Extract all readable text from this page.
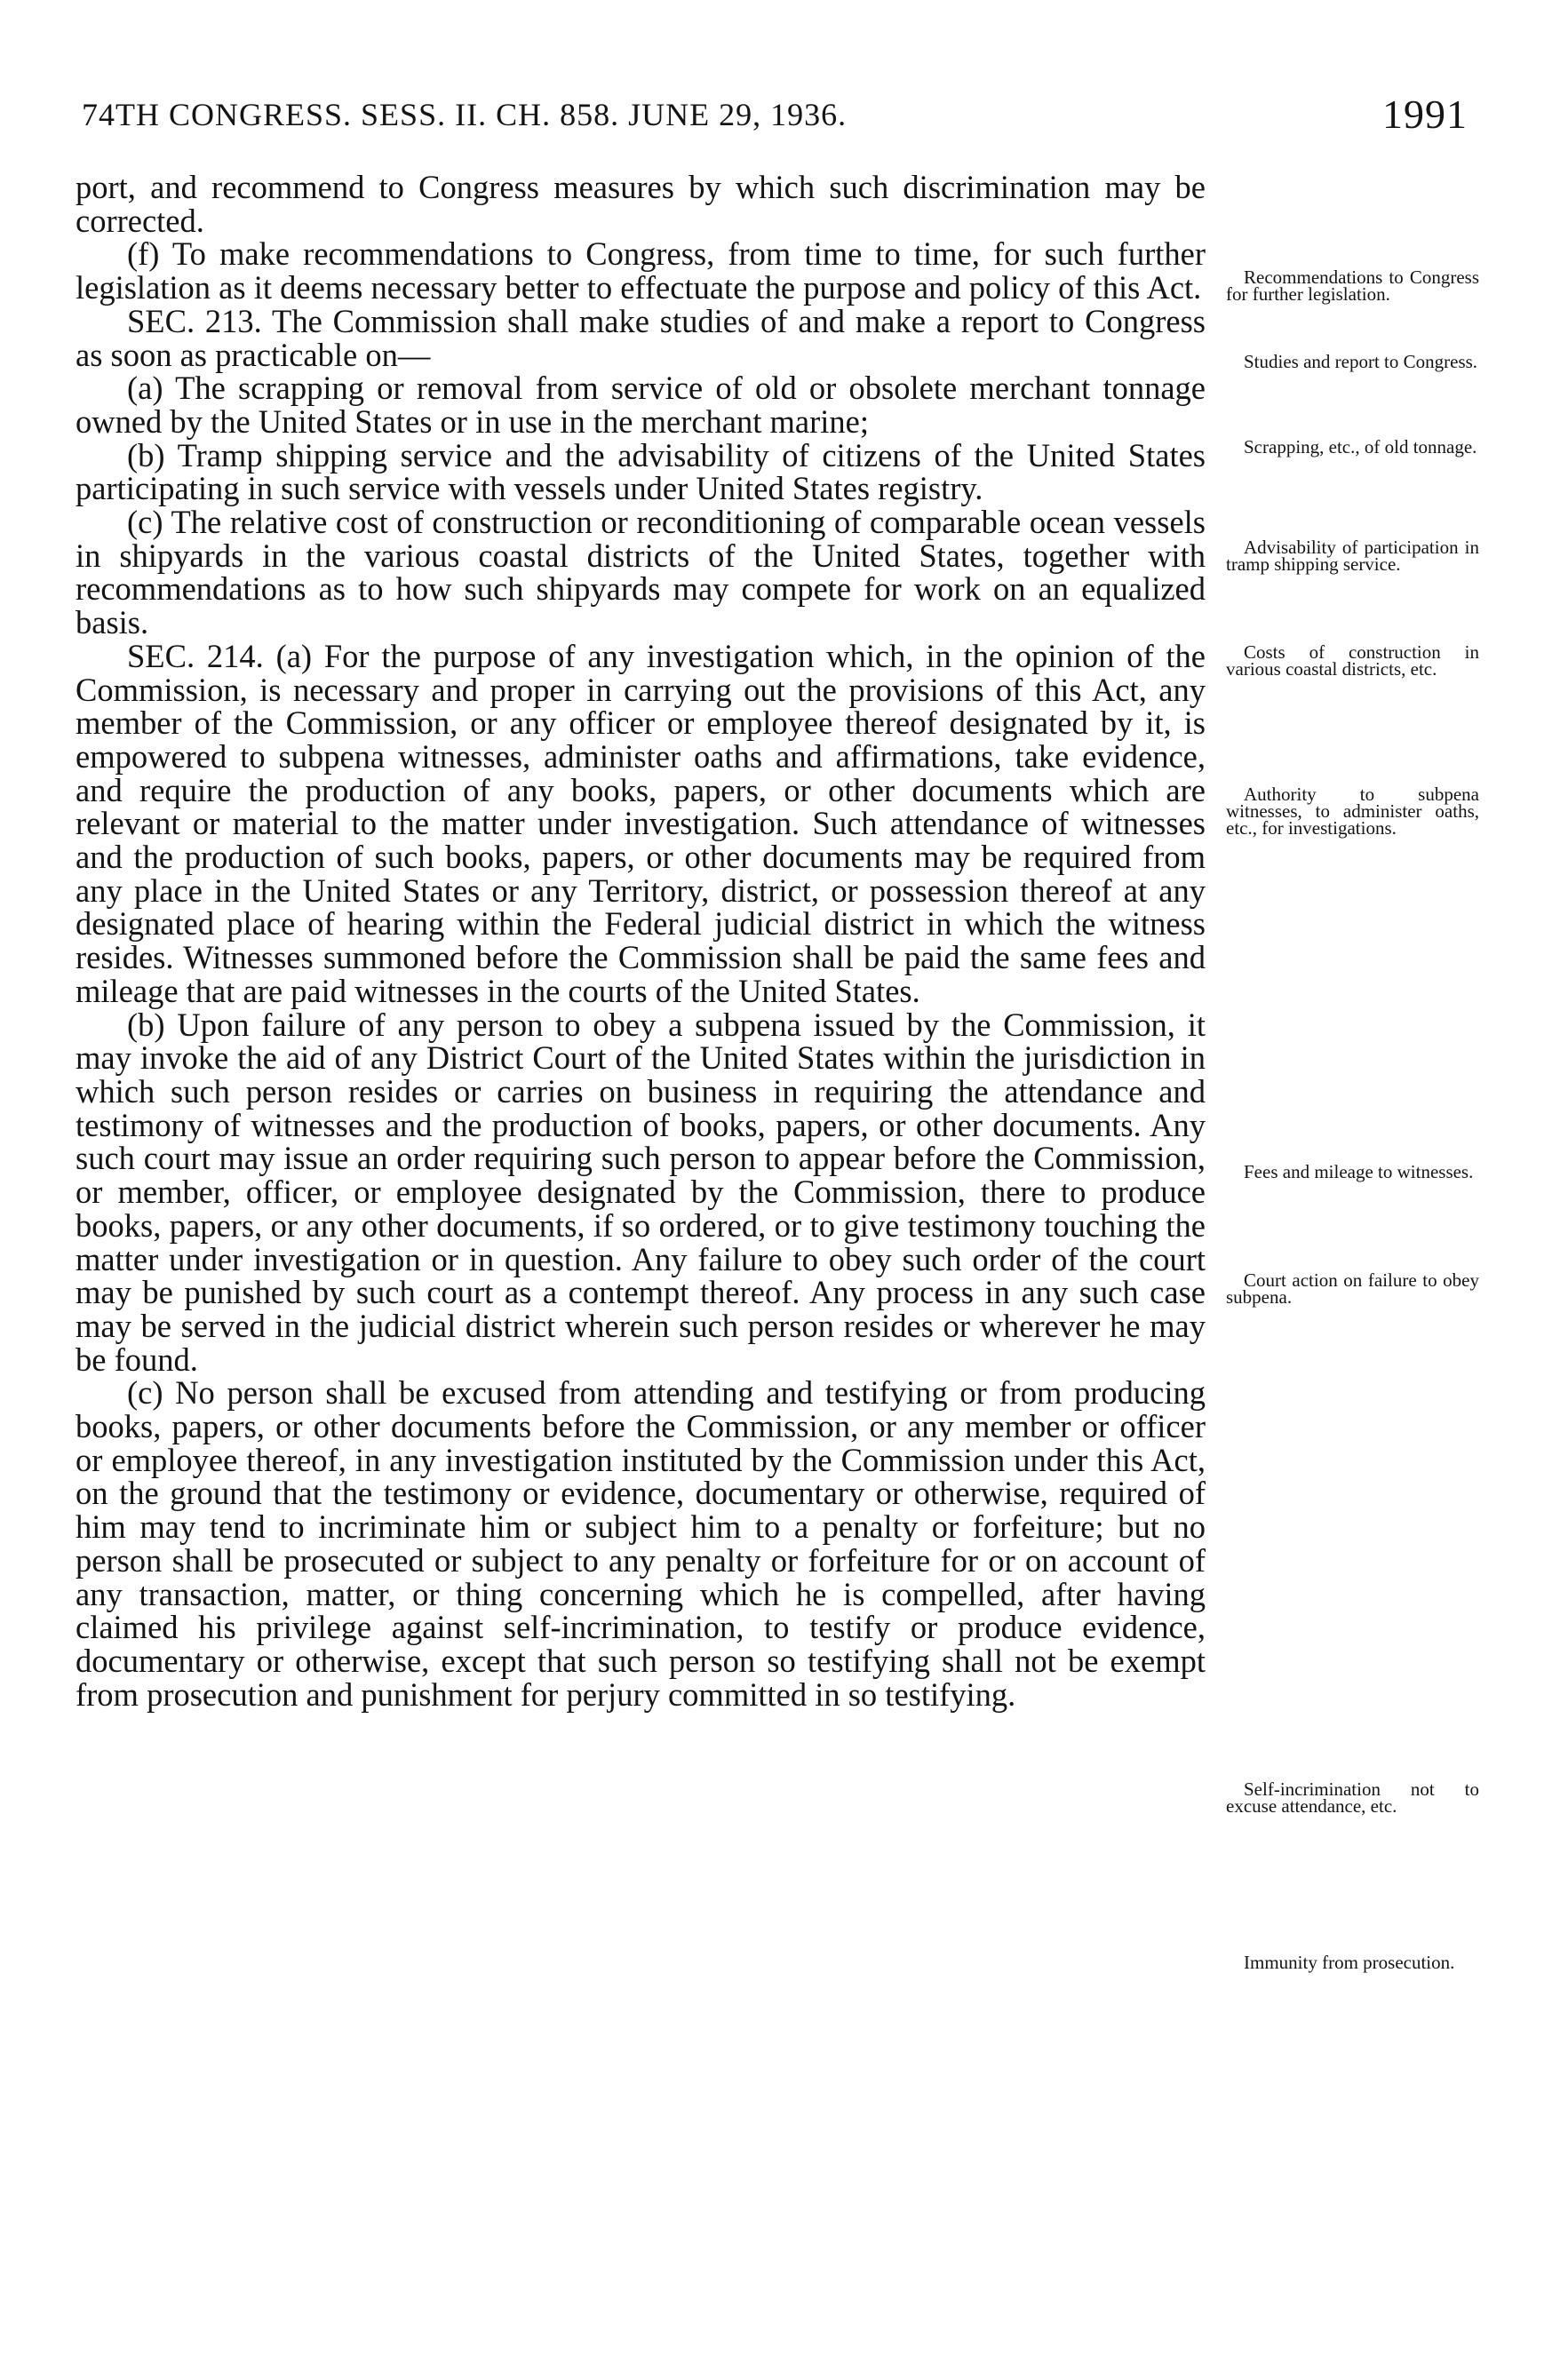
74TH CONGRESS. SESS. II. CH. 858. JUNE 29, 1936.	1991

port, and recommend to Congress measures by which such discrimination may be corrected.

(f) To make recommendations to Congress, from time to time, for such further legislation as it deems necessary better to effectuate the purpose and policy of this Act.

SEC. 213. The Commission shall make studies of and make a report to Congress as soon as practicable on—

(a) The scrapping or removal from service of old or obsolete merchant tonnage owned by the United States or in use in the merchant marine;

(b) Tramp shipping service and the advisability of citizens of the United States participating in such service with vessels under United States registry.

(c) The relative cost of construction or reconditioning of comparable ocean vessels in shipyards in the various coastal districts of the United States, together with recommendations as to how such shipyards may compete for work on an equalized basis.

SEC. 214. (a) For the purpose of any investigation which, in the opinion of the Commission, is necessary and proper in carrying out the provisions of this Act, any member of the Commission, or any officer or employee thereof designated by it, is empowered to subpena witnesses, administer oaths and affirmations, take evidence, and require the production of any books, papers, or other documents which are relevant or material to the matter under investigation. Such attendance of witnesses and the production of such books, papers, or other documents may be required from any place in the United States or any Territory, district, or possession thereof at any designated place of hearing within the Federal judicial district in which the witness resides. Witnesses summoned before the Commission shall be paid the same fees and mileage that are paid witnesses in the courts of the United States.

(b) Upon failure of any person to obey a subpena issued by the Commission, it may invoke the aid of any District Court of the United States within the jurisdiction in which such person resides or carries on business in requiring the attendance and testimony of witnesses and the production of books, papers, or other documents. Any such court may issue an order requiring such person to appear before the Commission, or member, officer, or employee designated by the Commission, there to produce books, papers, or any other documents, if so ordered, or to give testimony touching the matter under investigation or in question. Any failure to obey such order of the court may be punished by such court as a contempt thereof. Any process in any such case may be served in the judicial district wherein such person resides or wherever he may be found.

(c) No person shall be excused from attending and testifying or from producing books, papers, or other documents before the Commission, or any member or officer or employee thereof, in any investigation instituted by the Commission under this Act, on the ground that the testimony or evidence, documentary or otherwise, required of him may tend to incriminate him or subject him to a penalty or forfeiture; but no person shall be prosecuted or subject to any penalty or forfeiture for or on account of any transaction, matter, or thing concerning which he is compelled, after having claimed his privilege against self-incrimination, to testify or produce evidence, documentary or otherwise, except that such person so testifying shall not be exempt from prosecution and punishment for perjury committed in so testifying.

Recommendations to Congress for further legislation.
Studies and report to Congress.
Scrapping, etc., of old tonnage.
Advisability of participation in tramp shipping service.
Costs of construction in various coastal districts, etc.
Authority to subpena witnesses, to administer oaths, etc., for investigations.
Fees and mileage to witnesses.
Court action on failure to obey subpena.
Self-incrimination not to excuse attendance, etc.
Immunity from prosecution.
